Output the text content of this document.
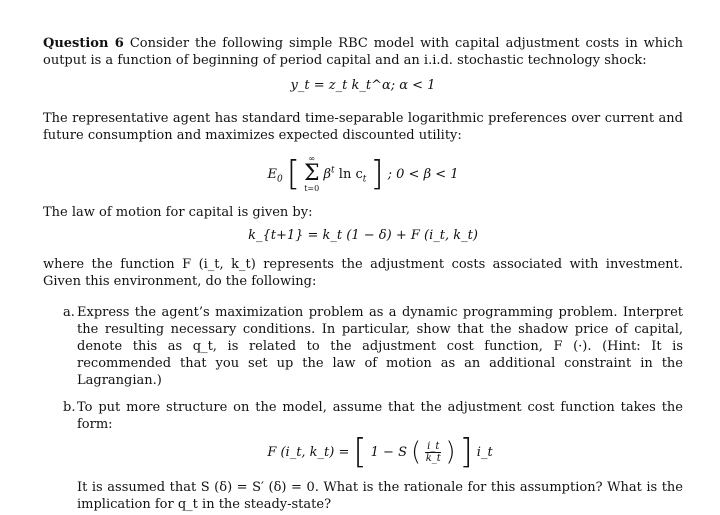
Question 6 Consider the following simple RBC model with capital adjustment costs in which output is a function of beginning of period capital and an i.i.d. stochastic technology shock:

y_t = z_t k_t^α; α < 1

The representative agent has standard time-separable logarithmic preferences over current and future consumption and maximizes expected discounted utility:

$E_0$ [ ∞
Σ
t=0
$\beta^t$ $\ln c_t$ ] ; 0 < β < 1

The law of motion for capital is given by:

k_{t+1} = k_t (1 − δ) + F (i_t, k_t)

where the function F (i_t, k_t) represents the adjustment costs associated with investment. Given this environment, do the following:

a. Express the agent’s maximization problem as a dynamic programming problem. Interpret the resulting necessary conditions. In particular, show that the shadow price of capital, denote this as q_t, is related to the adjustment cost function, F (·). (Hint: It is recommended that you set up the law of motion as an additional constraint in the Lagrangian.)
b. To put more structure on the model, assume that the adjustment cost function takes the form:
F (i_t, k_t) = [ 1 − S ( $\frac{i\_t}{k\_t}$ ) ] i_t

It is assumed that S (δ) = S′ (δ) = 0. What is the rationale for this assumption? What is the implication for q_t in the steady-state?
